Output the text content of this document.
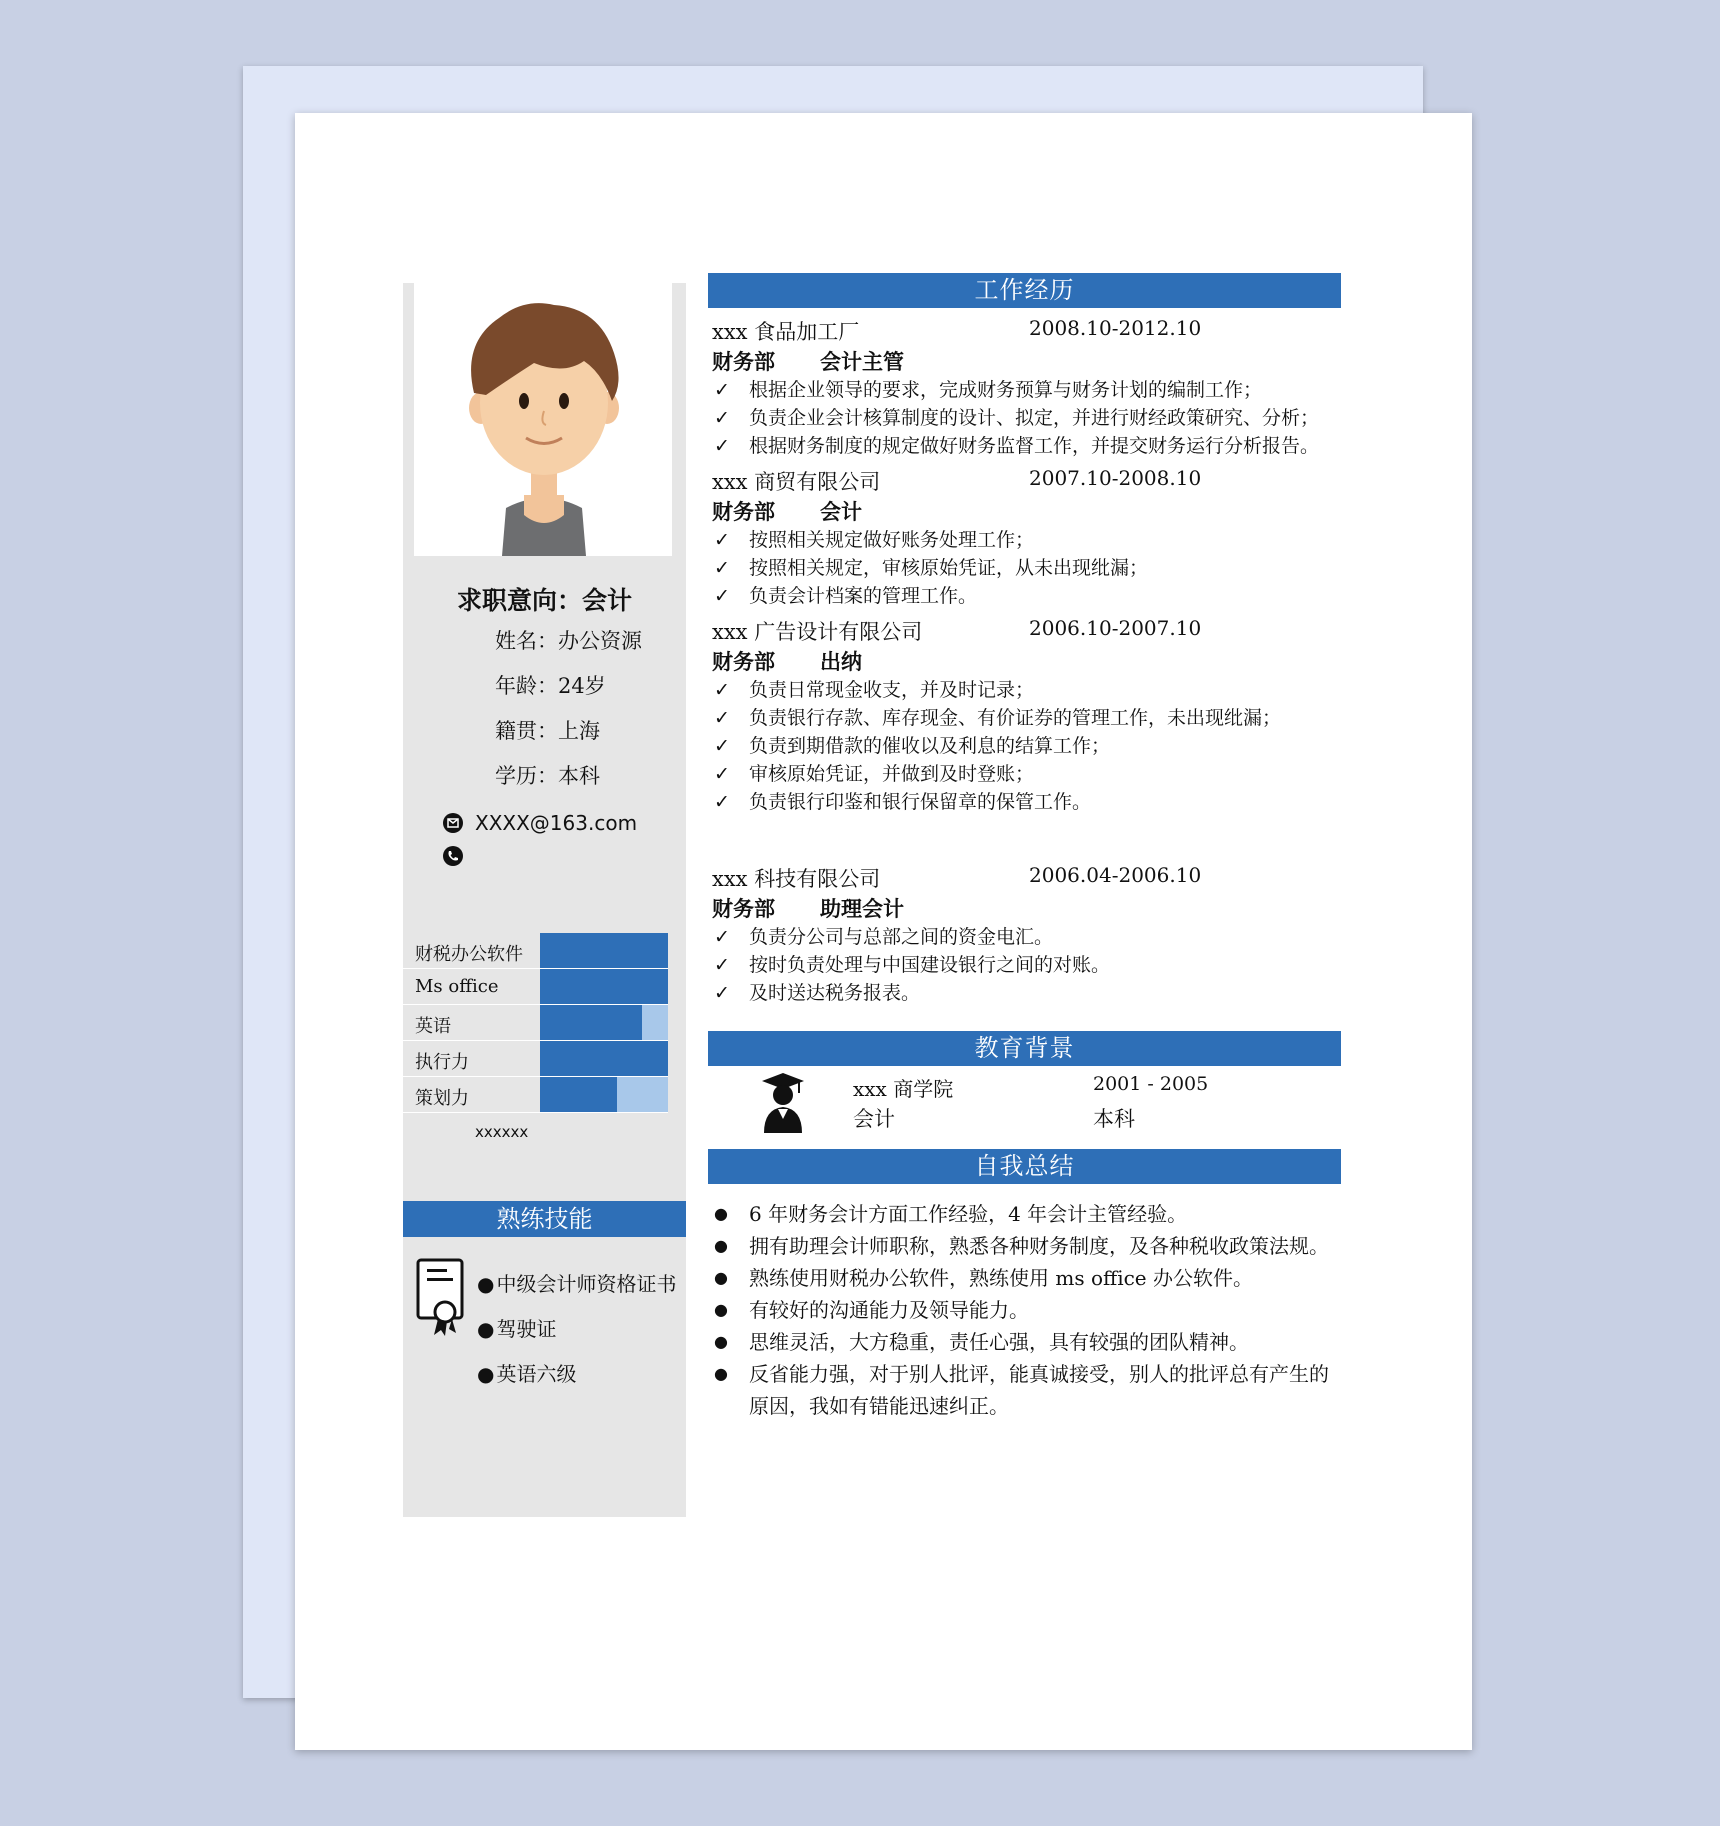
求职意向：会计
姓名：办公资源
年龄：24岁
籍贯：上海
学历：本科
XXXX@163.com
财税办公软件
Ms office
英语
执行力
策划力
xxxxxx
熟练技能
● 中级会计师资格证书
● 驾驶证
● 英语六级
工作经历
xxx 食品加工厂	2008.10-2012.10
财务部 会计主管
✓ 根据企业领导的要求，完成财务预算与财务计划的编制工作；
✓ 负责企业会计核算制度的设计、拟定，并进行财经政策研究、分析；
✓ 根据财务制度的规定做好财务监督工作，并提交财务运行分析报告。
xxx 商贸有限公司	2007.10-2008.10
财务部 会计
✓ 按照相关规定做好账务处理工作；
✓ 按照相关规定，审核原始凭证，从未出现纰漏；
✓ 负责会计档案的管理工作。
xxx 广告设计有限公司	2006.10-2007.10
财务部 出纳
✓ 负责日常现金收支，并及时记录；
✓ 负责银行存款、库存现金、有价证券的管理工作，未出现纰漏；
✓ 负责到期借款的催收以及利息的结算工作；
✓ 审核原始凭证，并做到及时登账；
✓ 负责银行印鉴和银行保留章的保管工作。
xxx 科技有限公司	2006.04-2006.10
财务部 助理会计
✓ 负责分公司与总部之间的资金电汇。
✓ 按时负责处理与中国建设银行之间的对账。
✓ 及时送达税务报表。
教育背景
xxx 商学院	2001 - 2005
会计	本科
自我总结
● 6 年财务会计方面工作经验，4 年会计主管经验。
● 拥有助理会计师职称，熟悉各种财务制度，及各种税收政策法规。
● 熟练使用财税办公软件，熟练使用 ms office 办公软件。
● 有较好的沟通能力及领导能力。
● 思维灵活，大方稳重，责任心强，具有较强的团队精神。
● 反省能力强，对于别人批评，能真诚接受，别人的批评总有产生的原因，我如有错能迅速纠正。
